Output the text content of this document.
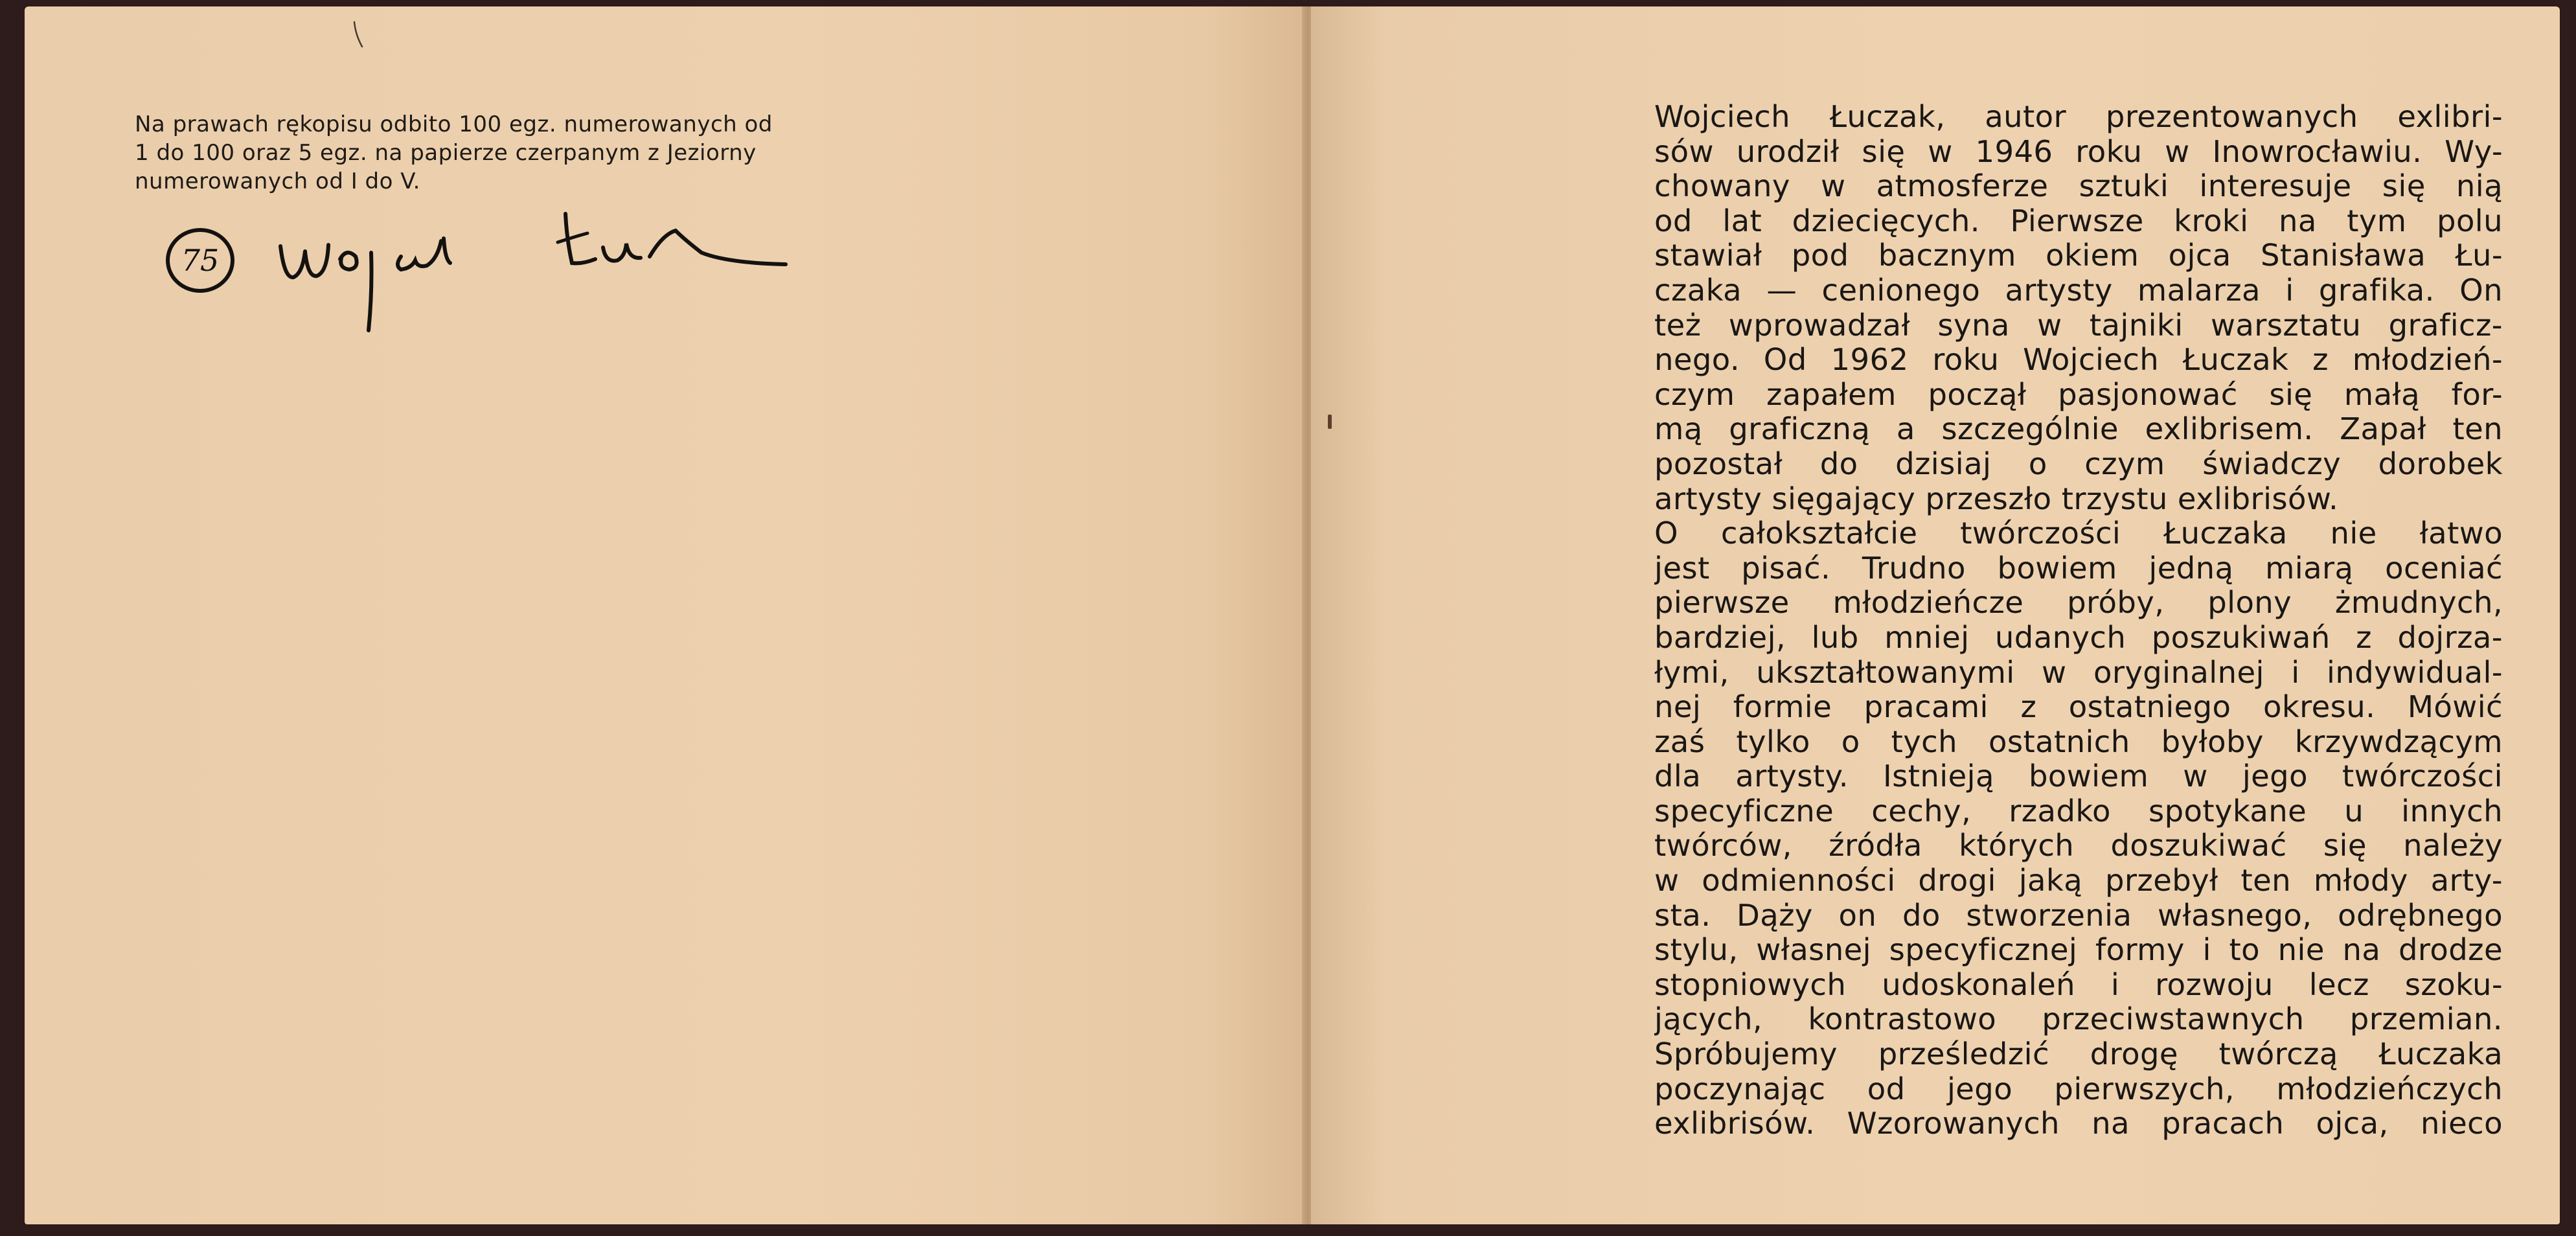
Na prawach rękopisu odbito 100 egz. numerowanych od
1 do 100 oraz 5 egz. na papierze czerpanym z Jeziorny
numerowanych od I do V.
75
Wojciech Łuczak, autor prezentowanych exlibri-
sów urodził się w 1946 roku w Inowrocławiu. Wy-
chowany w atmosferze sztuki interesuje się nią
od lat dziecięcych. Pierwsze kroki na tym polu
stawiał pod bacznym okiem ojca Stanisława Łu-
czaka — cenionego artysty malarza i grafika. On
też wprowadzał syna w tajniki warsztatu graficz-
nego. Od 1962 roku Wojciech Łuczak z młodzień-
czym zapałem począł pasjonować się małą for-
mą graficzną a szczególnie exlibrisem. Zapał ten
pozostał do dzisiaj o czym świadczy dorobek
artysty sięgający przeszło trzystu exlibrisów.
O całokształcie twórczości Łuczaka nie łatwo
jest pisać. Trudno bowiem jedną miarą oceniać
pierwsze młodzieńcze próby, plony żmudnych,
bardziej, lub mniej udanych poszukiwań z dojrza-
łymi, ukształtowanymi w oryginalnej i indywidual-
nej formie pracami z ostatniego okresu. Mówić
zaś tylko o tych ostatnich byłoby krzywdzącym
dla artysty. Istnieją bowiem w jego twórczości
specyficzne cechy, rzadko spotykane u innych
twórców, źródła których doszukiwać się należy
w odmienności drogi jaką przebył ten młody arty-
sta. Dąży on do stworzenia własnego, odrębnego
stylu, własnej specyficznej formy i to nie na drodze
stopniowych udoskonaleń i rozwoju lecz szoku-
jących, kontrastowo przeciwstawnych przemian.
Spróbujemy prześledzić drogę twórczą Łuczaka
poczynając od jego pierwszych, młodzieńczych
exlibrisów. Wzorowanych na pracach ojca, nieco
